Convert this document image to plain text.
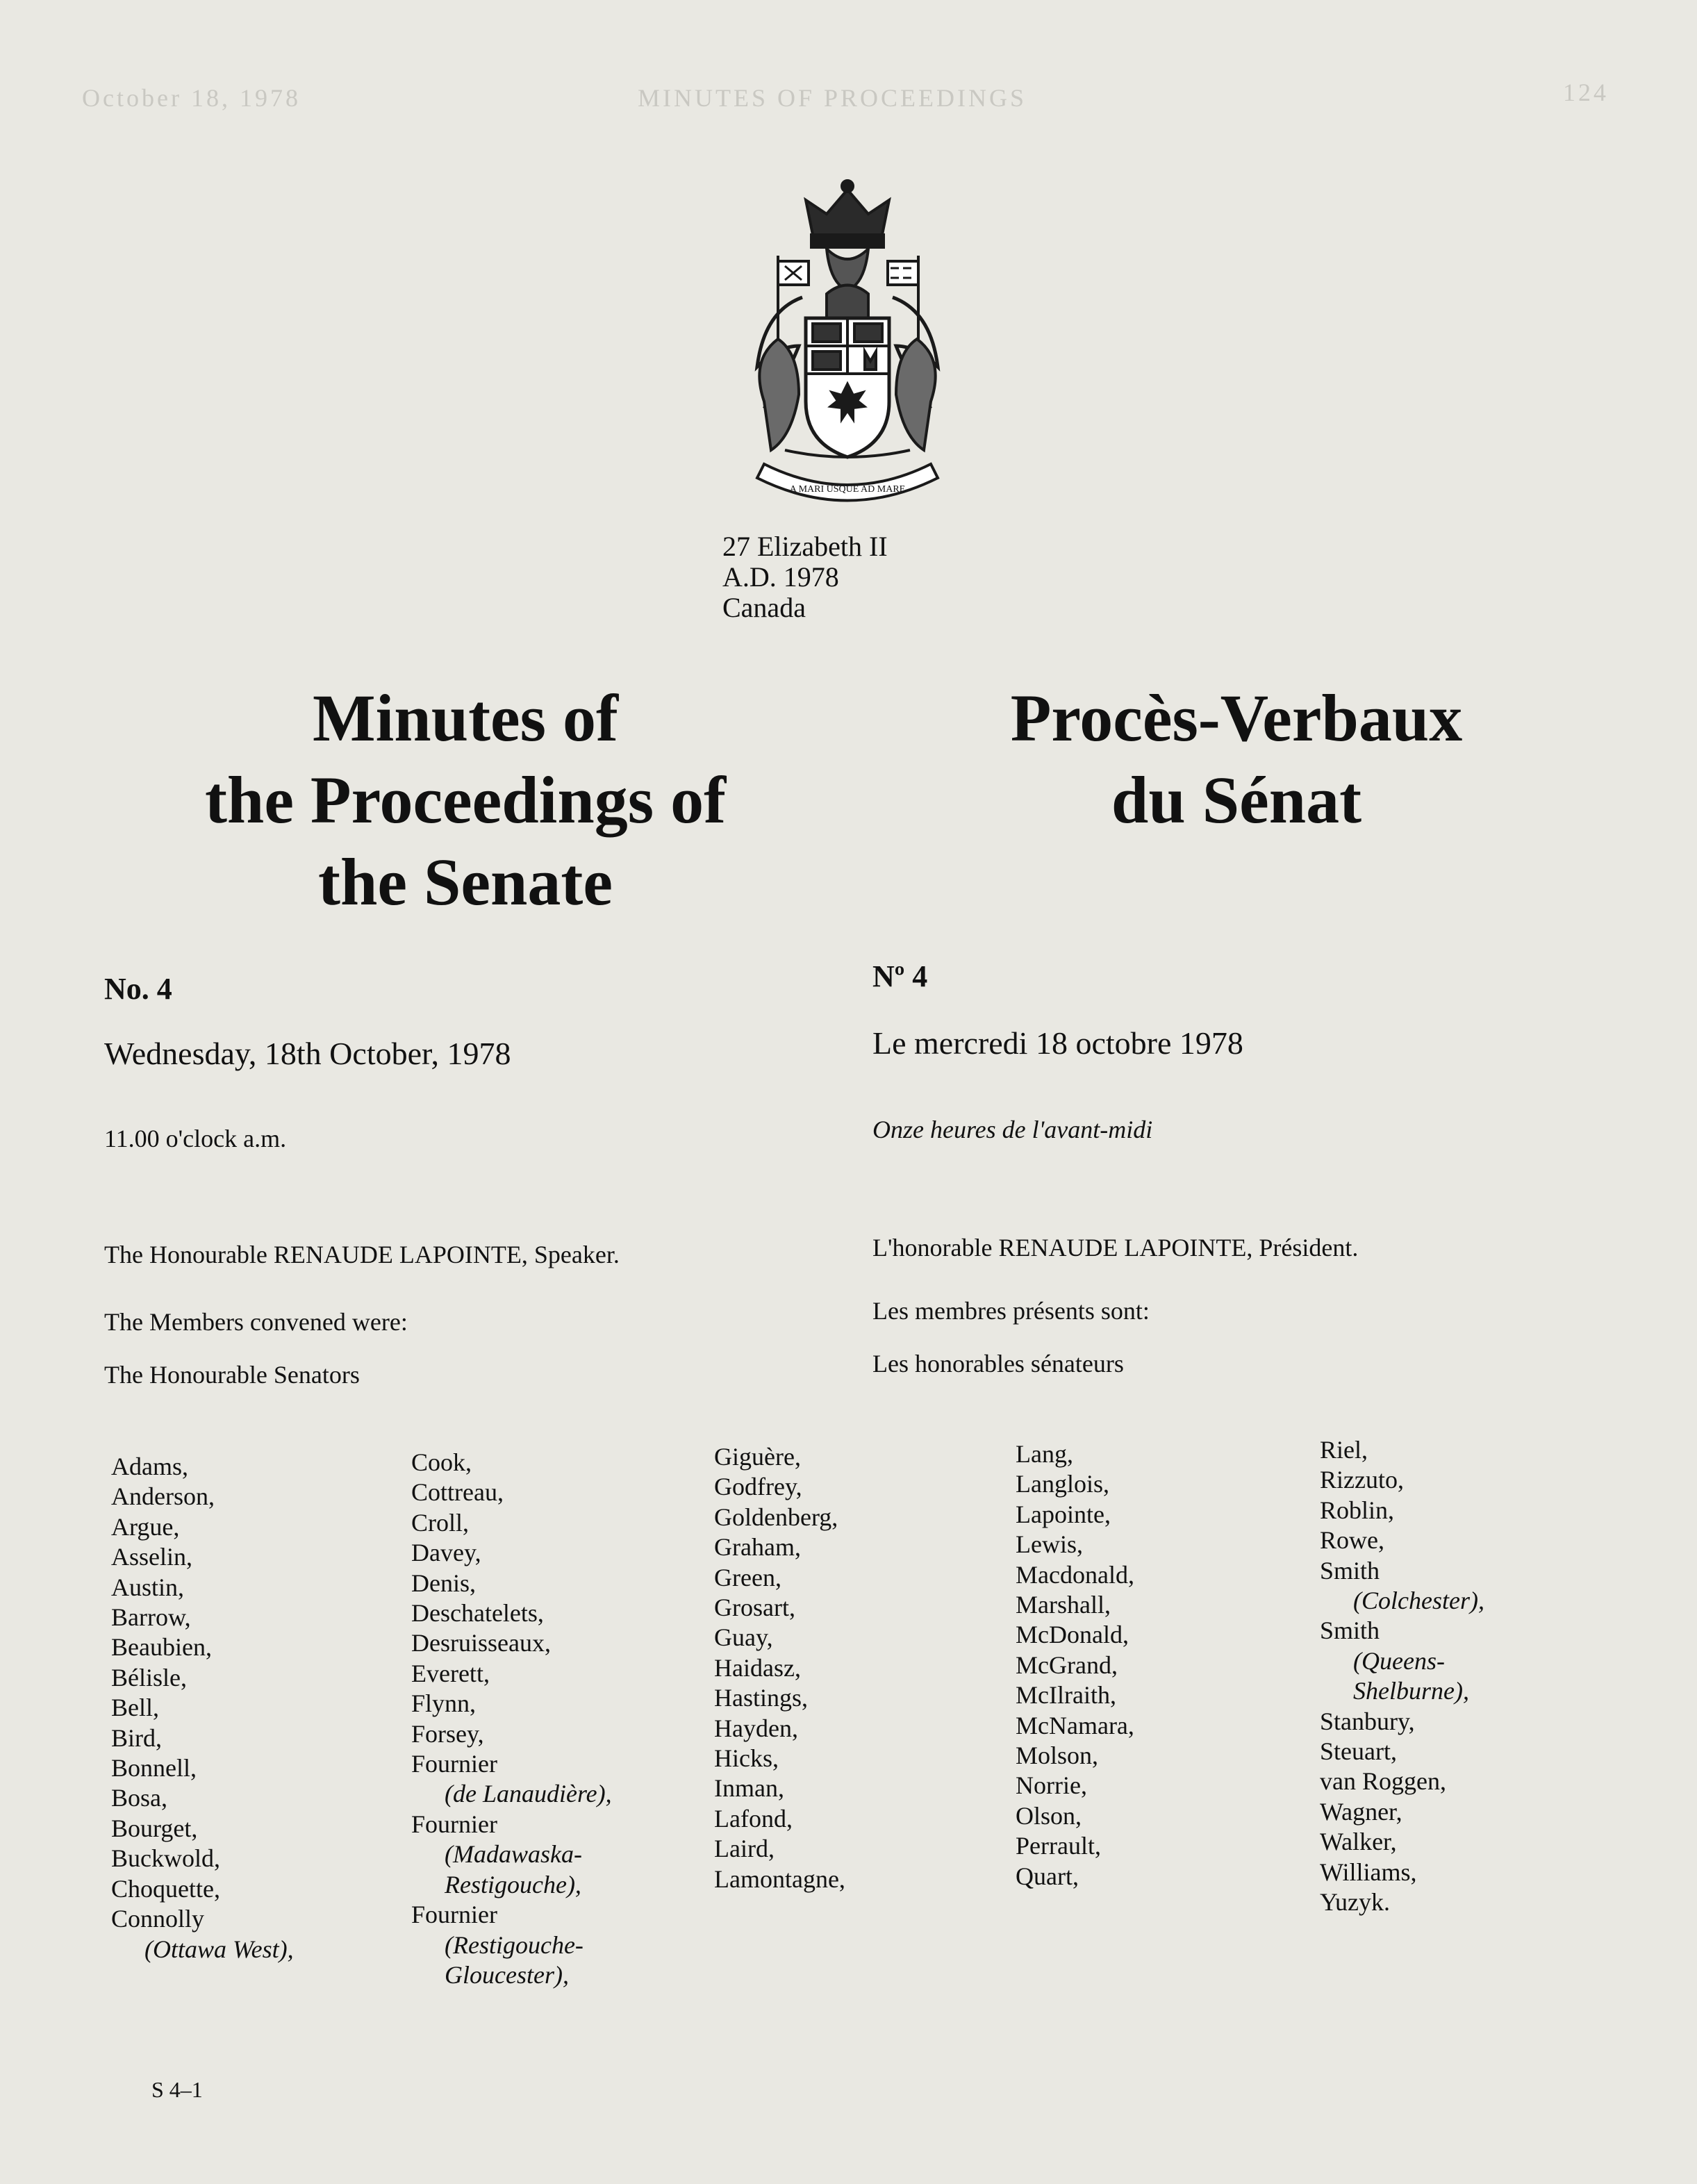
October 18, 1978	MINUTES OF PROCEEDINGS	124
A MARI USQUE AD MARE
27 Elizabeth II
A.D. 1978
Canada
Minutes of
the Proceedings of
the Senate
Procès-Verbaux
du Sénat
No. 4
Wednesday, 18th October, 1978
11.00 o'clock a.m.
The Honourable RENAUDE LAPOINTE, Speaker.
The Members convened were:
The Honourable Senators
Nº 4
Le mercredi 18 octobre 1978
Onze heures de l'avant-midi
L'honorable RENAUDE LAPOINTE, Président.
Les membres présents sont:
Les honorables sénateurs
Adams,
Anderson,
Argue,
Asselin,
Austin,
Barrow,
Beaubien,
Bélisle,
Bell,
Bird,
Bonnell,
Bosa,
Bourget,
Buckwold,
Choquette,
Connolly
(Ottawa West),
Cook,
Cottreau,
Croll,
Davey,
Denis,
Deschatelets,
Desruisseaux,
Everett,
Flynn,
Forsey,
Fournier
(de Lanaudière),
Fournier
(Madawaska-
Restigouche),
Fournier
(Restigouche-
Gloucester),
Giguère,
Godfrey,
Goldenberg,
Graham,
Green,
Grosart,
Guay,
Haidasz,
Hastings,
Hayden,
Hicks,
Inman,
Lafond,
Laird,
Lamontagne,
Lang,
Langlois,
Lapointe,
Lewis,
Macdonald,
Marshall,
McDonald,
McGrand,
McIlraith,
McNamara,
Molson,
Norrie,
Olson,
Perrault,
Quart,
Riel,
Rizzuto,
Roblin,
Rowe,
Smith
(Colchester),
Smith
(Queens-
Shelburne),
Stanbury,
Steuart,
van Roggen,
Wagner,
Walker,
Williams,
Yuzyk.
S 4–1
